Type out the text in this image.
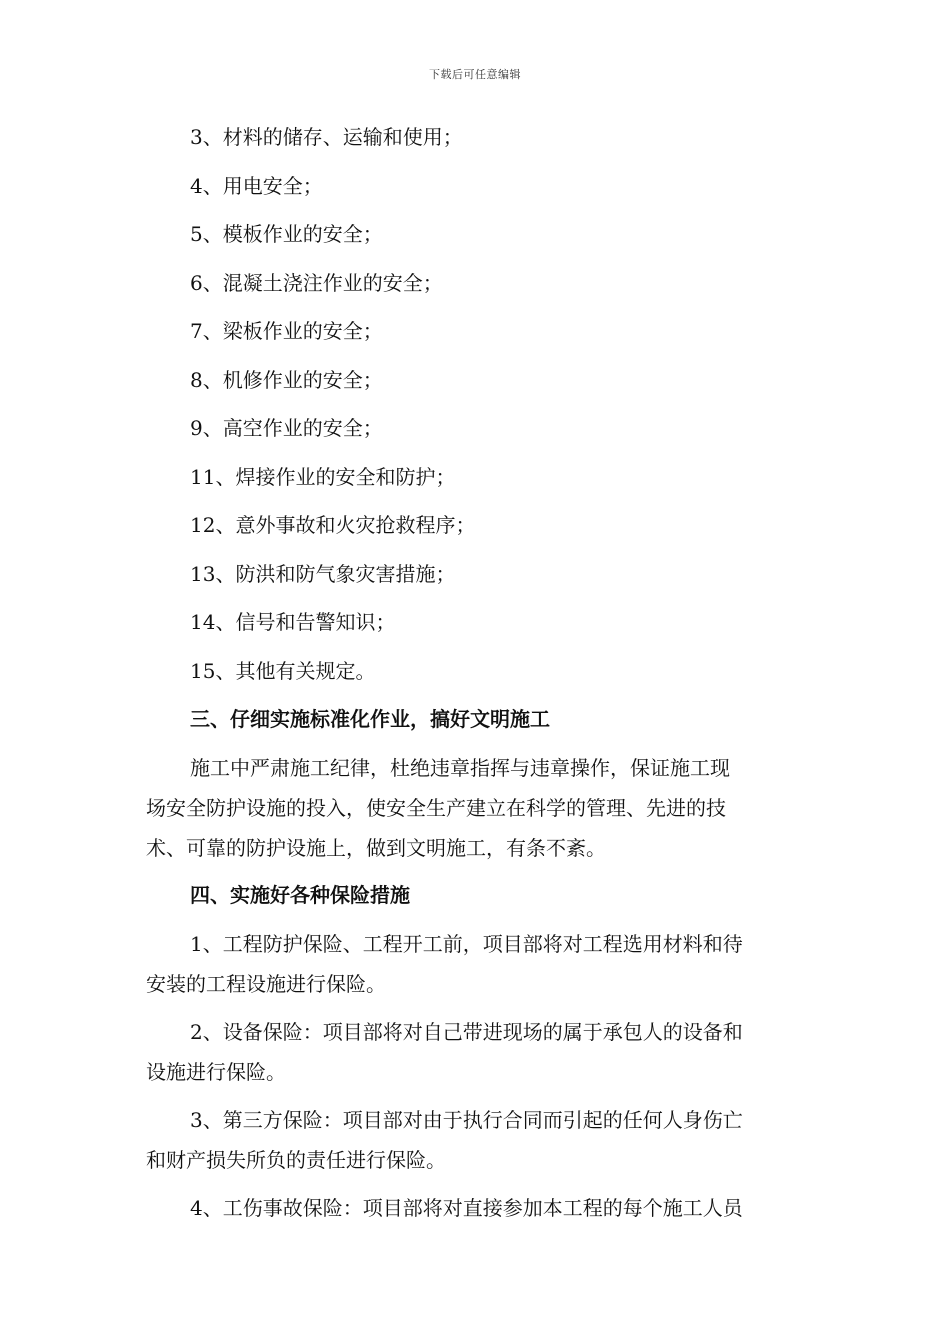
下载后可任意编辑
3、材料的储存、运输和使用；
4、用电安全；
5、模板作业的安全；
6、混凝土浇注作业的安全；
7、梁板作业的安全；
8、机修作业的安全；
9、高空作业的安全；
11、焊接作业的安全和防护；
12、意外事故和火灾抢救程序；
13、防洪和防气象灾害措施；
14、信号和告警知识；
15、其他有关规定。
三、仔细实施标准化作业，搞好文明施工
施工中严肃施工纪律，杜绝违章指挥与违章操作，保证施工现
场安全防护设施的投入，使安全生产建立在科学的管理、先进的技
术、可靠的防护设施上，做到文明施工，有条不紊。
四、实施好各种保险措施
1、工程防护保险、工程开工前，项目部将对工程选用材料和待
安装的工程设施进行保险。
2、设备保险：项目部将对自己带进现场的属于承包人的设备和
设施进行保险。
3、第三方保险：项目部对由于执行合同而引起的任何人身伤亡
和财产损失所负的责任进行保险。
4、工伤事故保险：项目部将对直接参加本工程的每个施工人员
